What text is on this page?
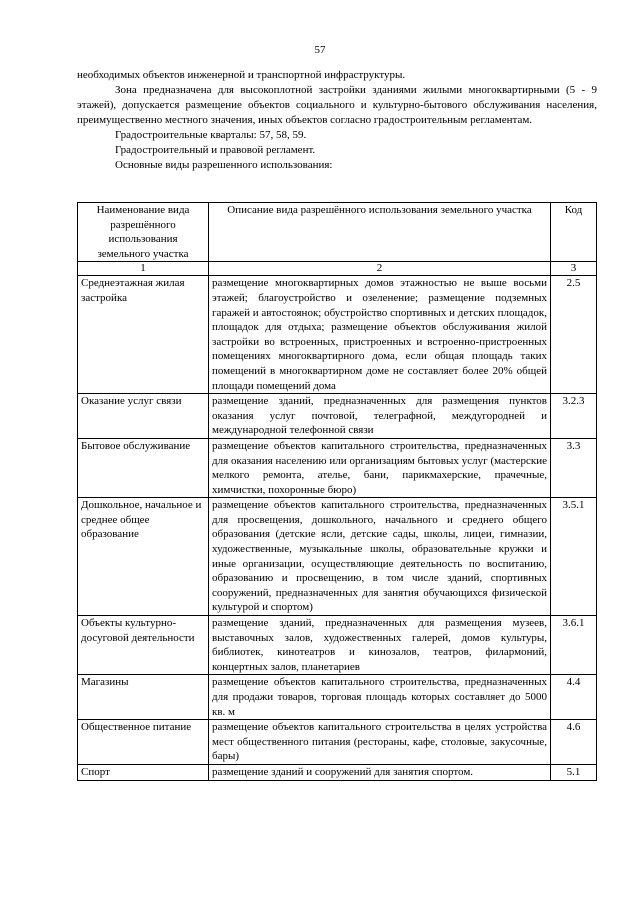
57

необходимых объектов инженерной и транспортной инфраструктуры.

Зона предназначена для высокоплотной застройки зданиями жилыми многоквартирными (5 - 9 этажей), допускается размещение объектов социального и культурно-бытового обслуживания населения, преимущественно местного значения, иных объектов согласно градостроительным регламентам.

Градостроительные кварталы: 57, 58, 59.

Градостроительный и правовой регламент.

Основные виды разрешенного использования:

Наименование вида разрешённого использования земельного участка	Описание вида разрешённого использования земельного участка	Код
1	2	3
Среднеэтажная жилая застройка	размещение многоквартирных домов этажностью не выше восьми этажей; благоустройство и озеленение; размещение подземных гаражей и автостоянок; обустройство спортивных и детских площадок, площадок для отдыха; размещение объектов обслуживания жилой застройки во встроенных, пристроенных и встроенно-пристроенных помещениях многоквартирного дома, если общая площадь таких помещений в многоквартирном доме не составляет более 20% общей площади помещений дома	2.5
Оказание услуг связи	размещение зданий, предназначенных для размещения пунктов оказания услуг почтовой, телеграфной, междугородней и международной телефонной связи	3.2.3
Бытовое обслуживание	размещение объектов капитального строительства, предназначенных для оказания населению или организациям бытовых услуг (мастерские мелкого ремонта, ателье, бани, парикмахерские, прачечные, химчистки, похоронные бюро)	3.3
Дошкольное, начальное и среднее общее образование	размещение объектов капитального строительства, предназначенных для просвещения, дошкольного, начального и среднего общего образования (детские ясли, детские сады, школы, лицеи, гимназии, художественные, музыкальные школы, образовательные кружки и иные организации, осуществляющие деятельность по воспитанию, образованию и просвещению, в том числе зданий, спортивных сооружений, предназначенных для занятия обучающихся физической культурой и спортом)	3.5.1
Объекты культурно-досуговой деятельности	размещение зданий, предназначенных для размещения музеев, выставочных залов, художественных галерей, домов культуры, библиотек, кинотеатров и кинозалов, театров, филармоний, концертных залов, планетариев	3.6.1
Магазины	размещение объектов капитального строительства, предназначенных для продажи товаров, торговая площадь которых составляет до 5000 кв. м	4.4
Общественное питание	размещение объектов капитального строительства в целях устройства мест общественного питания (рестораны, кафе, столовые, закусочные, бары)	4.6
Спорт	размещение зданий и сооружений для занятия спортом.	5.1
